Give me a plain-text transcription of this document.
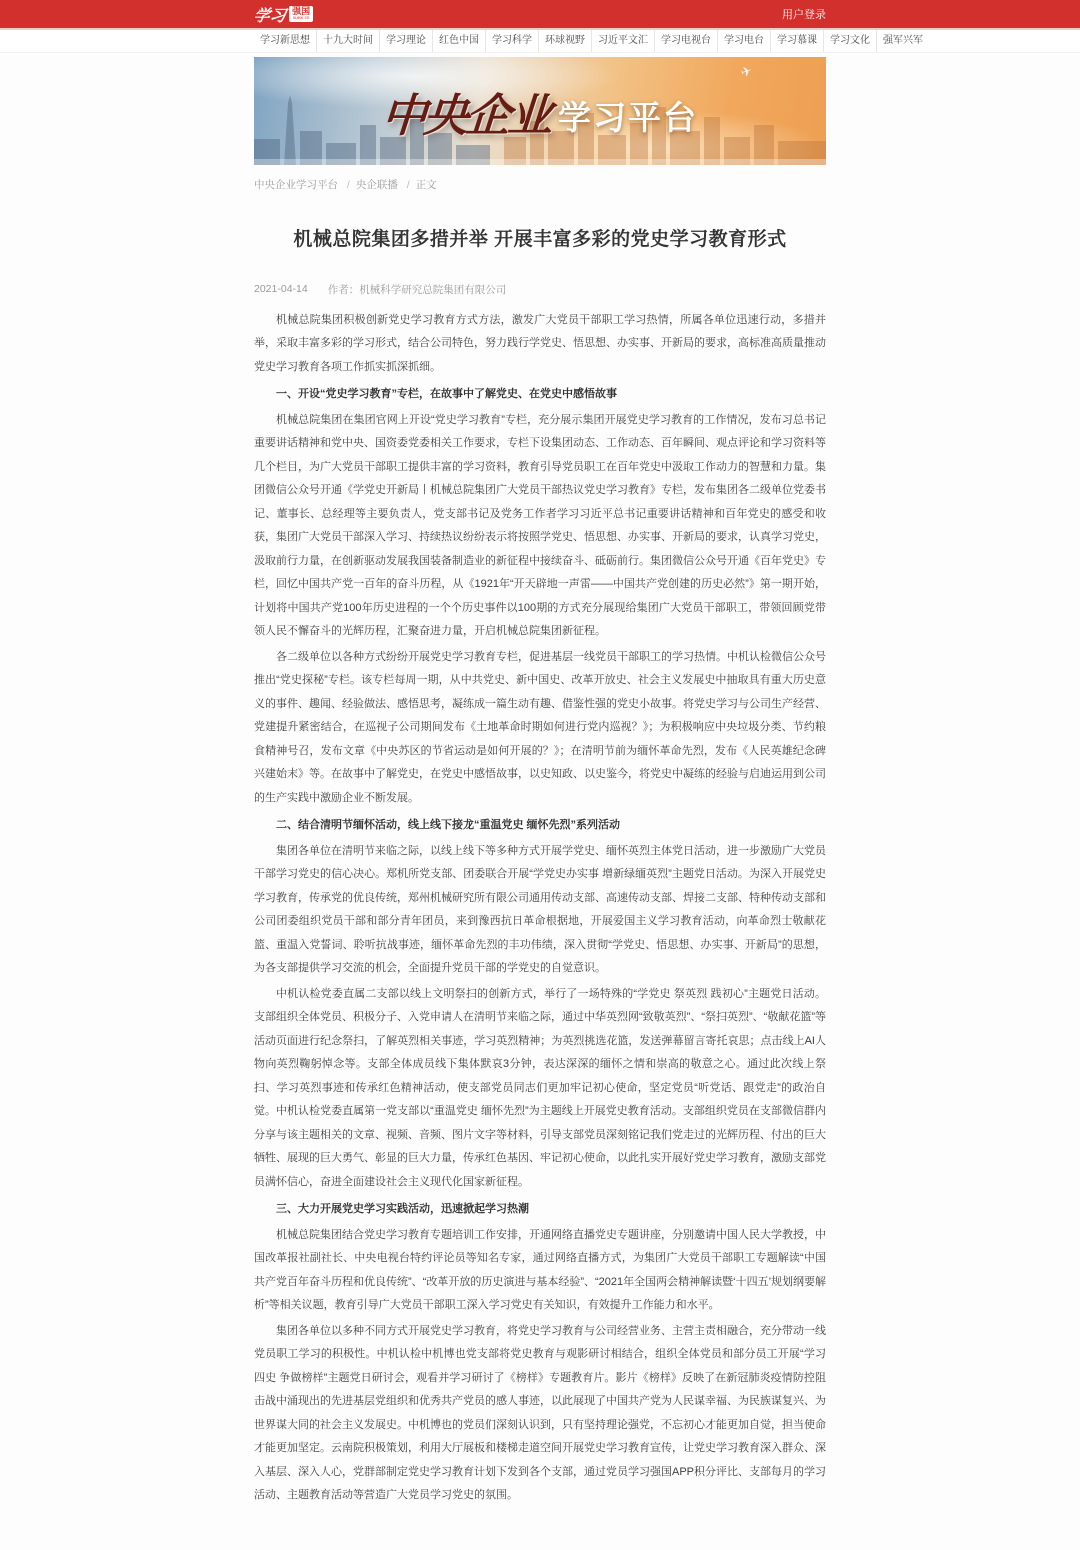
学习 强国
xuexi.cn	用户登录
学习新思想	十九大时间	学习理论	红色中国	学习科学	环球视野	习近平文汇	学习电视台	学习电台	学习慕课	学习文化	强军兴军
✈
中央企业 学习平台
中央企业学习平台 /	央企联播 /	正文
机械总院集团多措并举 开展丰富多彩的党史学习教育形式
2021-04-14 作者：机械科学研究总院集团有限公司

机械总院集团积极创新党史学习教育方式方法，激发广大党员干部职工学习热情，所属各单位迅速行动，多措并举，采取丰富多彩的学习形式，结合公司特色，努力践行学党史、悟思想、办实事、开新局的要求，高标准高质量推动党史学习教育各项工作抓实抓深抓细。

一、开设“党史学习教育”专栏，在故事中了解党史、在党史中感悟故事

机械总院集团在集团官网上开设“党史学习教育”专栏，充分展示集团开展党史学习教育的工作情况，发布习总书记重要讲话精神和党中央、国资委党委相关工作要求，专栏下设集团动态、工作动态、百年瞬间、观点评论和学习资料等几个栏目，为广大党员干部职工提供丰富的学习资料，教育引导党员职工在百年党史中汲取工作动力的智慧和力量。集团微信公众号开通《学党史开新局丨机械总院集团广大党员干部热议党史学习教育》专栏，发布集团各二级单位党委书记、董事长、总经理等主要负责人，党支部书记及党务工作者学习习近平总书记重要讲话精神和百年党史的感受和收获，集团广大党员干部深入学习、持续热议纷纷表示将按照学党史、悟思想、办实事、开新局的要求，认真学习党史，汲取前行力量，在创新驱动发展我国装备制造业的新征程中接续奋斗、砥砺前行。集团微信公众号开通《百年党史》专栏，回忆中国共产党一百年的奋斗历程，从《1921年“开天辟地一声雷——中国共产党创建的历史必然”》第一期开始，计划将中国共产党100年历史进程的一个个历史事件以100期的方式充分展现给集团广大党员干部职工，带领回顾党带领人民不懈奋斗的光辉历程，汇聚奋进力量，开启机械总院集团新征程。

各二级单位以各种方式纷纷开展党史学习教育专栏，促进基层一线党员干部职工的学习热情。中机认检微信公众号推出“党史探秘”专栏。该专栏每周一期，从中共党史、新中国史、改革开放史、社会主义发展史中抽取具有重大历史意义的事件、趣闻、经验做法、感悟思考，凝练成一篇生动有趣、借鉴性强的党史小故事。将党史学习与公司生产经营、党建提升紧密结合，在巡视子公司期间发布《土地革命时期如何进行党内巡视？》；为积极响应中央垃圾分类、节约粮食精神号召，发布文章《中央苏区的节省运动是如何开展的？》；在清明节前为缅怀革命先烈，发布《人民英雄纪念碑兴建始末》等。在故事中了解党史，在党史中感悟故事，以史知政、以史鉴今，将党史中凝练的经验与启迪运用到公司的生产实践中激励企业不断发展。

二、结合清明节缅怀活动，线上线下接龙“重温党史 缅怀先烈”系列活动

集团各单位在清明节来临之际，以线上线下等多种方式开展学党史、缅怀英烈主体党日活动，进一步激励广大党员干部学习党史的信心决心。郑机所党支部、团委联合开展“学党史办实事 增新绿缅英烈”主题党日活动。为深入开展党史学习教育，传承党的优良传统，郑州机械研究所有限公司通用传动支部、高速传动支部、焊接二支部、特种传动支部和公司团委组织党员干部和部分青年团员，来到豫西抗日革命根据地，开展爱国主义学习教育活动，向革命烈士敬献花篮、重温入党誓词、聆听抗战事迹，缅怀革命先烈的丰功伟绩，深入贯彻“学党史、悟思想、办实事、开新局”的思想，为各支部提供学习交流的机会，全面提升党员干部的学党史的自觉意识。

中机认检党委直属二支部以线上文明祭扫的创新方式，举行了一场特殊的“学党史 祭英烈 践初心”主题党日活动。支部组织全体党员、积极分子、入党申请人在清明节来临之际，通过中华英烈网“致敬英烈”、“祭扫英烈”、“敬献花篮”等活动页面进行纪念祭扫，了解英烈相关事迹，学习英烈精神；为英烈挑选花篮，发送弹幕留言寄托哀思；点击线上AI人物向英烈鞠躬悼念等。支部全体成员线下集体默哀3分钟，表达深深的缅怀之情和崇高的敬意之心。通过此次线上祭扫、学习英烈事迹和传承红色精神活动，使支部党员同志们更加牢记初心使命，坚定党员“听党话、跟党走”的政治自觉。中机认检党委直属第一党支部以“重温党史 缅怀先烈”为主题线上开展党史教育活动。支部组织党员在支部微信群内分享与该主题相关的文章、视频、音频、图片文字等材料，引导支部党员深刻铭记我们党走过的光辉历程、付出的巨大牺牲、展现的巨大勇气、彰显的巨大力量，传承红色基因、牢记初心使命，以此扎实开展好党史学习教育，激励支部党员满怀信心，奋进全面建设社会主义现代化国家新征程。

三、大力开展党史学习实践活动，迅速掀起学习热潮

机械总院集团结合党史学习教育专题培训工作安排，开通网络直播党史专题讲座，分别邀请中国人民大学教授，中国改革报社副社长、中央电视台特约评论员等知名专家，通过网络直播方式，为集团广大党员干部职工专题解读“中国共产党百年奋斗历程和优良传统”、“改革开放的历史演进与基本经验”、“2021年全国两会精神解读暨‘十四五’规划纲要解析”等相关议题，教育引导广大党员干部职工深入学习党史有关知识，有效提升工作能力和水平。

集团各单位以多种不同方式开展党史学习教育，将党史学习教育与公司经营业务、主营主责相融合，充分带动一线党员职工学习的积极性。中机认检中机博也党支部将党史教育与观影研讨相结合，组织全体党员和部分员工开展“学习四史 争做榜样”主题党日研讨会，观看并学习研讨了《榜样》专题教育片。影片《榜样》反映了在新冠肺炎疫情防控阻击战中涌现出的先进基层党组织和优秀共产党员的感人事迹，以此展现了中国共产党为人民谋幸福、为民族谋复兴、为世界谋大同的社会主义发展史。中机博也的党员们深刻认识到，只有坚持理论强党，不忘初心才能更加自觉，担当使命才能更加坚定。云南院积极策划，利用大厅展板和楼梯走道空间开展党史学习教育宣传，让党史学习教育深入群众、深入基层、深入人心，党群部制定党史学习教育计划下发到各个支部，通过党员学习强国APP积分评比、支部每月的学习活动、主题教育活动等营造广大党员学习党史的氛围。
